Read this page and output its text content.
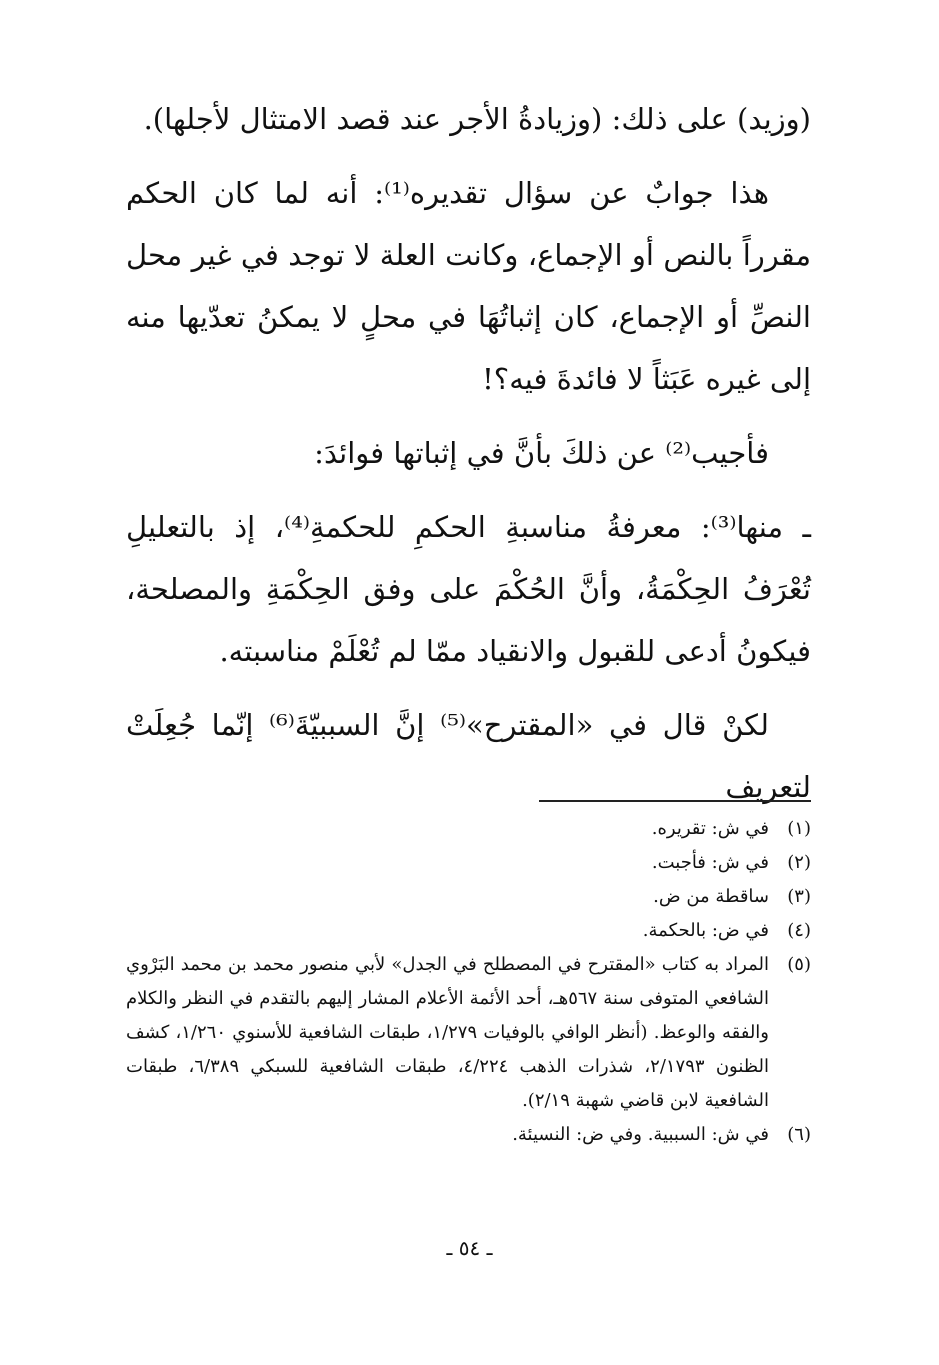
(وزيد) على ذلك: (وزيادةُ الأجر عند قصد الامتثال لأجلها).

هذا جوابٌ عن سؤال تقديره⁽¹⁾: أنه لما كان الحكم مقرراً بالنص أو الإجماع، وكانت العلة لا توجد في غير محل النصِّ أو الإجماع، كان إثباتُهَا في محلٍ لا يمكنُ تعدّيها منه إلى غيره عَبَثاً لا فائدةَ فيه؟!

فأجيب⁽²⁾ عن ذلكَ بأنَّ في إثباتها فوائدَ:

ـ منها⁽³⁾: معرفةُ مناسبةِ الحكمِ للحكمةِ⁽⁴⁾، إذ بالتعليلِ تُعْرَفُ الحِكْمَةُ، وأنَّ الحُكْمَ على وفق الحِكْمَةِ والمصلحة، فيكونُ أدعى للقبول والانقياد ممّا لم تُعْلَمْ مناسبته.

لكنْ قال في «المقترح»⁽⁵⁾ إنَّ السببيّةَ⁽⁶⁾ إنّما جُعِلَتْ لتعريف

(١)
في ش: تقريره.
(٢)
في ش: فأجبت.
(٣)
ساقطة من ض.
(٤)
في ض: بالحكمة.
(٥)
المراد به كتاب «المقترح في المصطلح في الجدل» لأبي منصور محمد بن محمد البَرْوي الشافعي المتوفى سنة ٥٦٧هـ، أحد الأئمة الأعلام المشار إليهم بالتقدم في النظر والكلام والفقه والوعظ. (أنظر الوافي بالوفيات ١/٢٧٩، طبقات الشافعية للأسنوي ١/٢٦٠، كشف الظنون ٢/١٧٩٣، شذرات الذهب ٤/٢٢٤، طبقات الشافعية للسبكي ٦/٣٨٩، طبقات الشافعية لابن قاضي شهبة ٢/١٩).
(٦)
في ش: السببية. وفي ض: النسيئة.
ـ ٥٤ ـ
